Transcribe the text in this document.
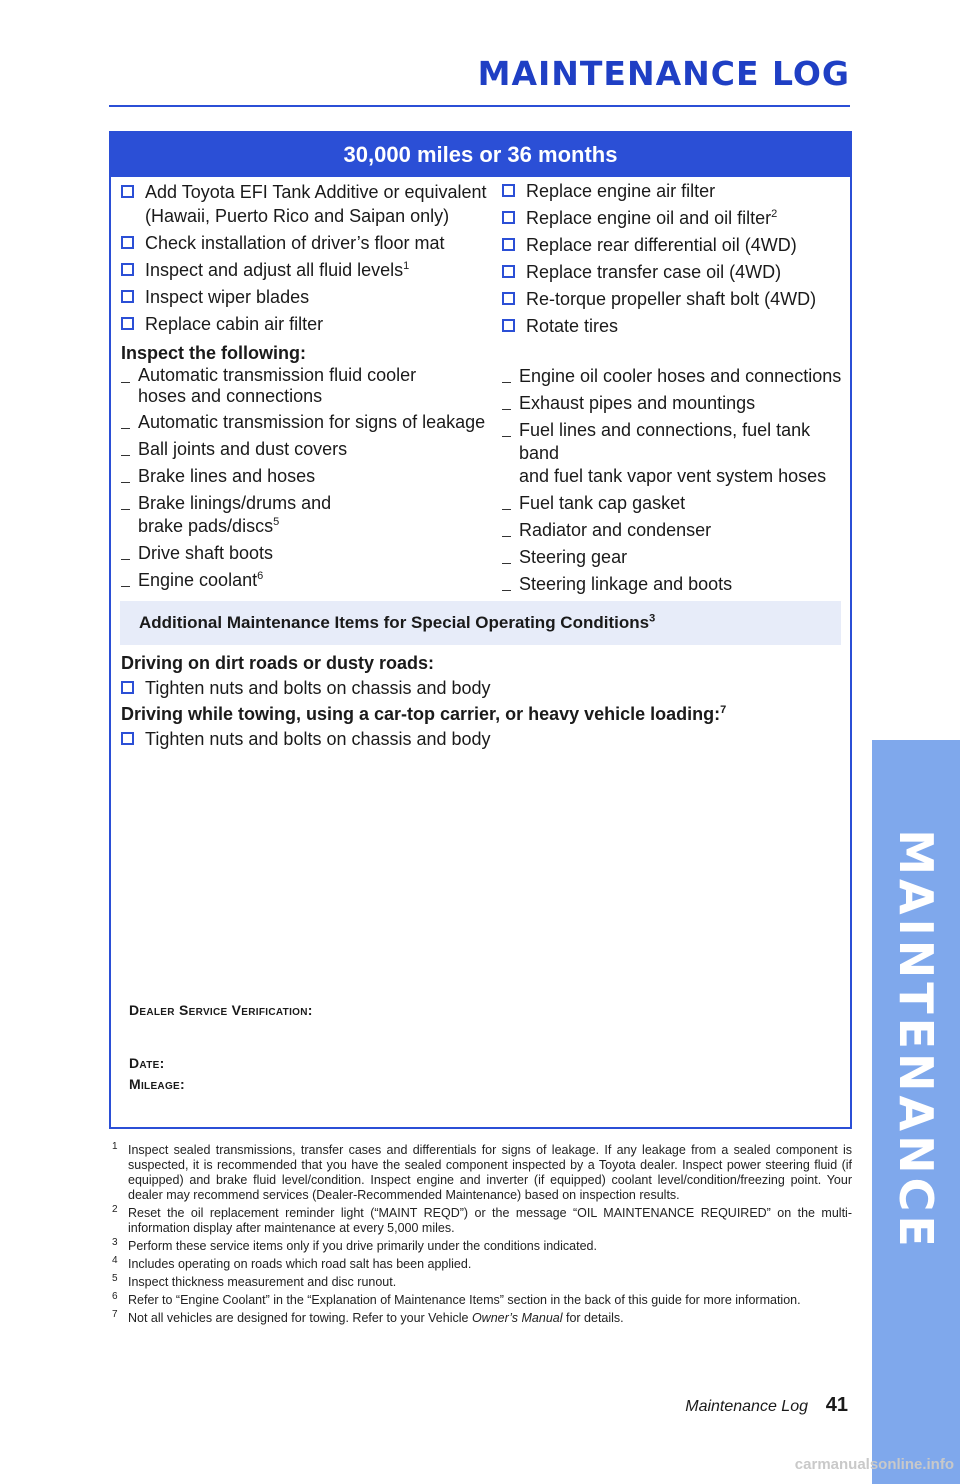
MAINTENANCE LOG
MAINTENANCE
30,000 miles or 36 months
Add Toyota EFI Tank Additive or equivalent
(Hawaii, Puerto Rico and Saipan only)
Check installation of driver’s floor mat
Inspect and adjust all fluid levels$^1$
Inspect wiper blades
Replace cabin air filter
Replace engine air filter
Replace engine oil and oil filter$^2$
Replace rear differential oil (4WD)
Replace transfer case oil (4WD)
Re-torque propeller shaft bolt (4WD)
Rotate tires
Inspect the following:
Automatic transmission fluid cooler
hoses and connections
Automatic transmission for signs of leakage
Ball joints and dust covers
Brake lines and hoses
Brake linings/drums and
brake pads/discs$^5$
Drive shaft boots
Engine coolant$^6$
Engine oil cooler hoses and connections
Exhaust pipes and mountings
Fuel lines and connections, fuel tank band
and fuel tank vapor vent system hoses
Fuel tank cap gasket
Radiator and condenser
Steering gear
Steering linkage and boots
Additional Maintenance Items for Special Operating Conditions$^3$
Driving on dirt roads or dusty roads:
Tighten nuts and bolts on chassis and body
Driving while towing, using a car-top carrier, or heavy vehicle loading:$^7$
Tighten nuts and bolts on chassis and body
Dealer Service Verification:
Date:
Mileage:
1 Inspect sealed transmissions, transfer cases and differentials for signs of leakage. If any leakage from a sealed component is suspected, it is recommended that you have the sealed component inspected by a Toyota dealer. Inspect power steering fluid (if equipped) and brake fluid level/condition. Inspect engine and inverter (if equipped) coolant level/condition/freezing point. Your dealer may recommend services (Dealer-Recommended Maintenance) based on inspection results.
2 Reset the oil replacement reminder light (“MAINT REQD”) or the message “OIL MAINTENANCE REQUIRED” on the multi-information display after maintenance at every 5,000 miles.
3 Perform these service items only if you drive primarily under the conditions indicated.
4 Includes operating on roads which road salt has been applied.
5 Inspect thickness measurement and disc runout.
6 Refer to “Engine Coolant” in the “Explanation of Maintenance Items” section in the back of this guide for more information.
7 Not all vehicles are designed for towing. Refer to your Vehicle Owner’s Manual for details.
Maintenance Log 41
carmanualsonline.info
